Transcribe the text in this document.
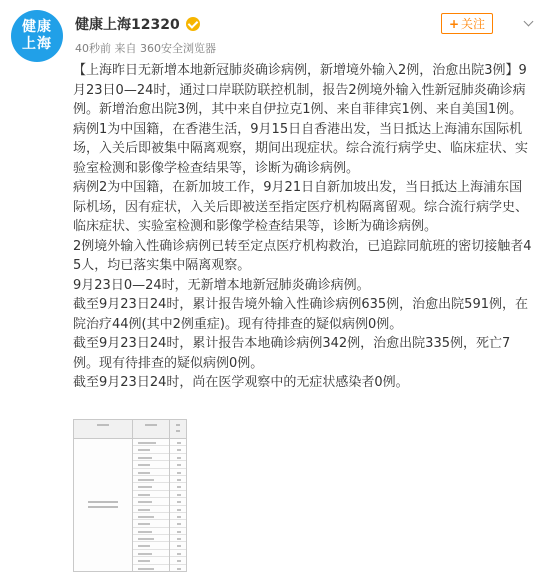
健康
上海
健康上海12320
40秒前 来自 360安全浏览器
+ 关注

【上海昨日无新增本地新冠肺炎确诊病例，新增境外输入2例，治愈出院3例】9月23日0—24时，通过口岸联防联控机制，报告2例境外输入性新冠肺炎确诊病例。新增治愈出院3例，其中来自伊拉克1例、来自菲律宾1例、来自美国1例。

病例1为中国籍，在香港生活，9月15日自香港出发，当日抵达上海浦东国际机场，入关后即被集中隔离观察，期间出现症状。综合流行病学史、临床症状、实验室检测和影像学检查结果等，诊断为确诊病例。

病例2为中国籍，在新加坡工作，9月21日自新加坡出发，当日抵达上海浦东国际机场，因有症状，入关后即被送至指定医疗机构隔离留观。综合流行病学史、临床症状、实验室检测和影像学检查结果等，诊断为确诊病例。

2例境外输入性确诊病例已转至定点医疗机构救治，已追踪同航班的密切接触者45人，均已落实集中隔离观察。

9月23日0—24时，无新增本地新冠肺炎确诊病例。

截至9月23日24时，累计报告境外输入性确诊病例635例，治愈出院591例，在院治疗44例(其中2例重症)。现有待排查的疑似病例0例。

截至9月23日24时，累计报告本地确诊病例342例，治愈出院335例，死亡7例。现有待排查的疑似病例0例。

截至9月23日24时，尚在医学观察中的无症状感染者0例。
